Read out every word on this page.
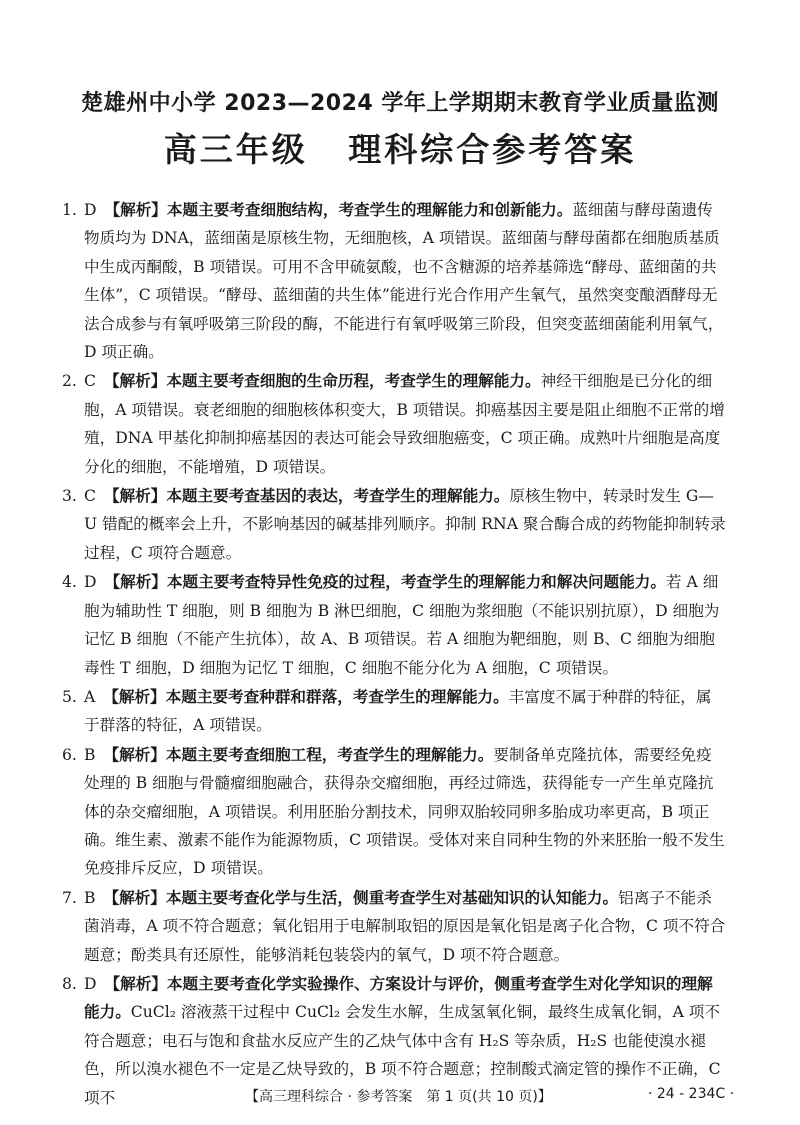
楚雄州中小学 2023—2024 学年上学期期末教育学业质量监测
高三年级 理科综合参考答案
1. D 【解析】本题主要考查细胞结构，考查学生的理解能力和创新能力。蓝细菌与酵母菌遗传物质均为 DNA，蓝细菌是原核生物，无细胞核，A 项错误。蓝细菌与酵母菌都在细胞质基质中生成丙酮酸，B 项错误。可用不含甲硫氨酸，也不含糖源的培养基筛选“酵母、蓝细菌的共生体”，C 项错误。“酵母、蓝细菌的共生体”能进行光合作用产生氧气，虽然突变酿酒酵母无法合成参与有氧呼吸第三阶段的酶，不能进行有氧呼吸第三阶段，但突变蓝细菌能利用氧气，D 项正确。
2. C 【解析】本题主要考查细胞的生命历程，考查学生的理解能力。神经干细胞是已分化的细胞，A 项错误。衰老细胞的细胞核体积变大，B 项错误。抑癌基因主要是阻止细胞不正常的增殖，DNA 甲基化抑制抑癌基因的表达可能会导致细胞癌变，C 项正确。成熟叶片细胞是高度分化的细胞，不能增殖，D 项错误。
3. C 【解析】本题主要考查基因的表达，考查学生的理解能力。原核生物中，转录时发生 G—U 错配的概率会上升，不影响基因的碱基排列顺序。抑制 RNA 聚合酶合成的药物能抑制转录过程，C 项符合题意。
4. D 【解析】本题主要考查特异性免疫的过程，考查学生的理解能力和解决问题能力。若 A 细胞为辅助性 T 细胞，则 B 细胞为 B 淋巴细胞，C 细胞为浆细胞（不能识别抗原），D 细胞为记忆 B 细胞（不能产生抗体），故 A、B 项错误。若 A 细胞为靶细胞，则 B、C 细胞为细胞毒性 T 细胞，D 细胞为记忆 T 细胞，C 细胞不能分化为 A 细胞，C 项错误。
5. A 【解析】本题主要考查种群和群落，考查学生的理解能力。丰富度不属于种群的特征，属于群落的特征，A 项错误。
6. B 【解析】本题主要考查细胞工程，考查学生的理解能力。要制备单克隆抗体，需要经免疫处理的 B 细胞与骨髓瘤细胞融合，获得杂交瘤细胞，再经过筛选，获得能专一产生单克隆抗体的杂交瘤细胞，A 项错误。利用胚胎分割技术，同卵双胎较同卵多胎成功率更高，B 项正确。维生素、激素不能作为能源物质，C 项错误。受体对来自同种生物的外来胚胎一般不发生免疫排斥反应，D 项错误。
7. B 【解析】本题主要考查化学与生活，侧重考查学生对基础知识的认知能力。铝离子不能杀菌消毒，A 项不符合题意；氧化铝用于电解制取铝的原因是氧化铝是离子化合物，C 项不符合题意；酚类具有还原性，能够消耗包装袋内的氧气，D 项不符合题意。
8. D 【解析】本题主要考查化学实验操作、方案设计与评价，侧重考查学生对化学知识的理解能力。CuCl₂ 溶液蒸干过程中 CuCl₂ 会发生水解，生成氢氧化铜，最终生成氧化铜，A 项不符合题意；电石与饱和食盐水反应产生的乙炔气体中含有 H₂S 等杂质，H₂S 也能使溴水褪色，所以溴水褪色不一定是乙炔导致的，B 项不符合题意；控制酸式滴定管的操作不正确，C 项不	【高三理科综合 · 参考答案　第 1 页(共 10 页)】	· 24 - 234C ·
